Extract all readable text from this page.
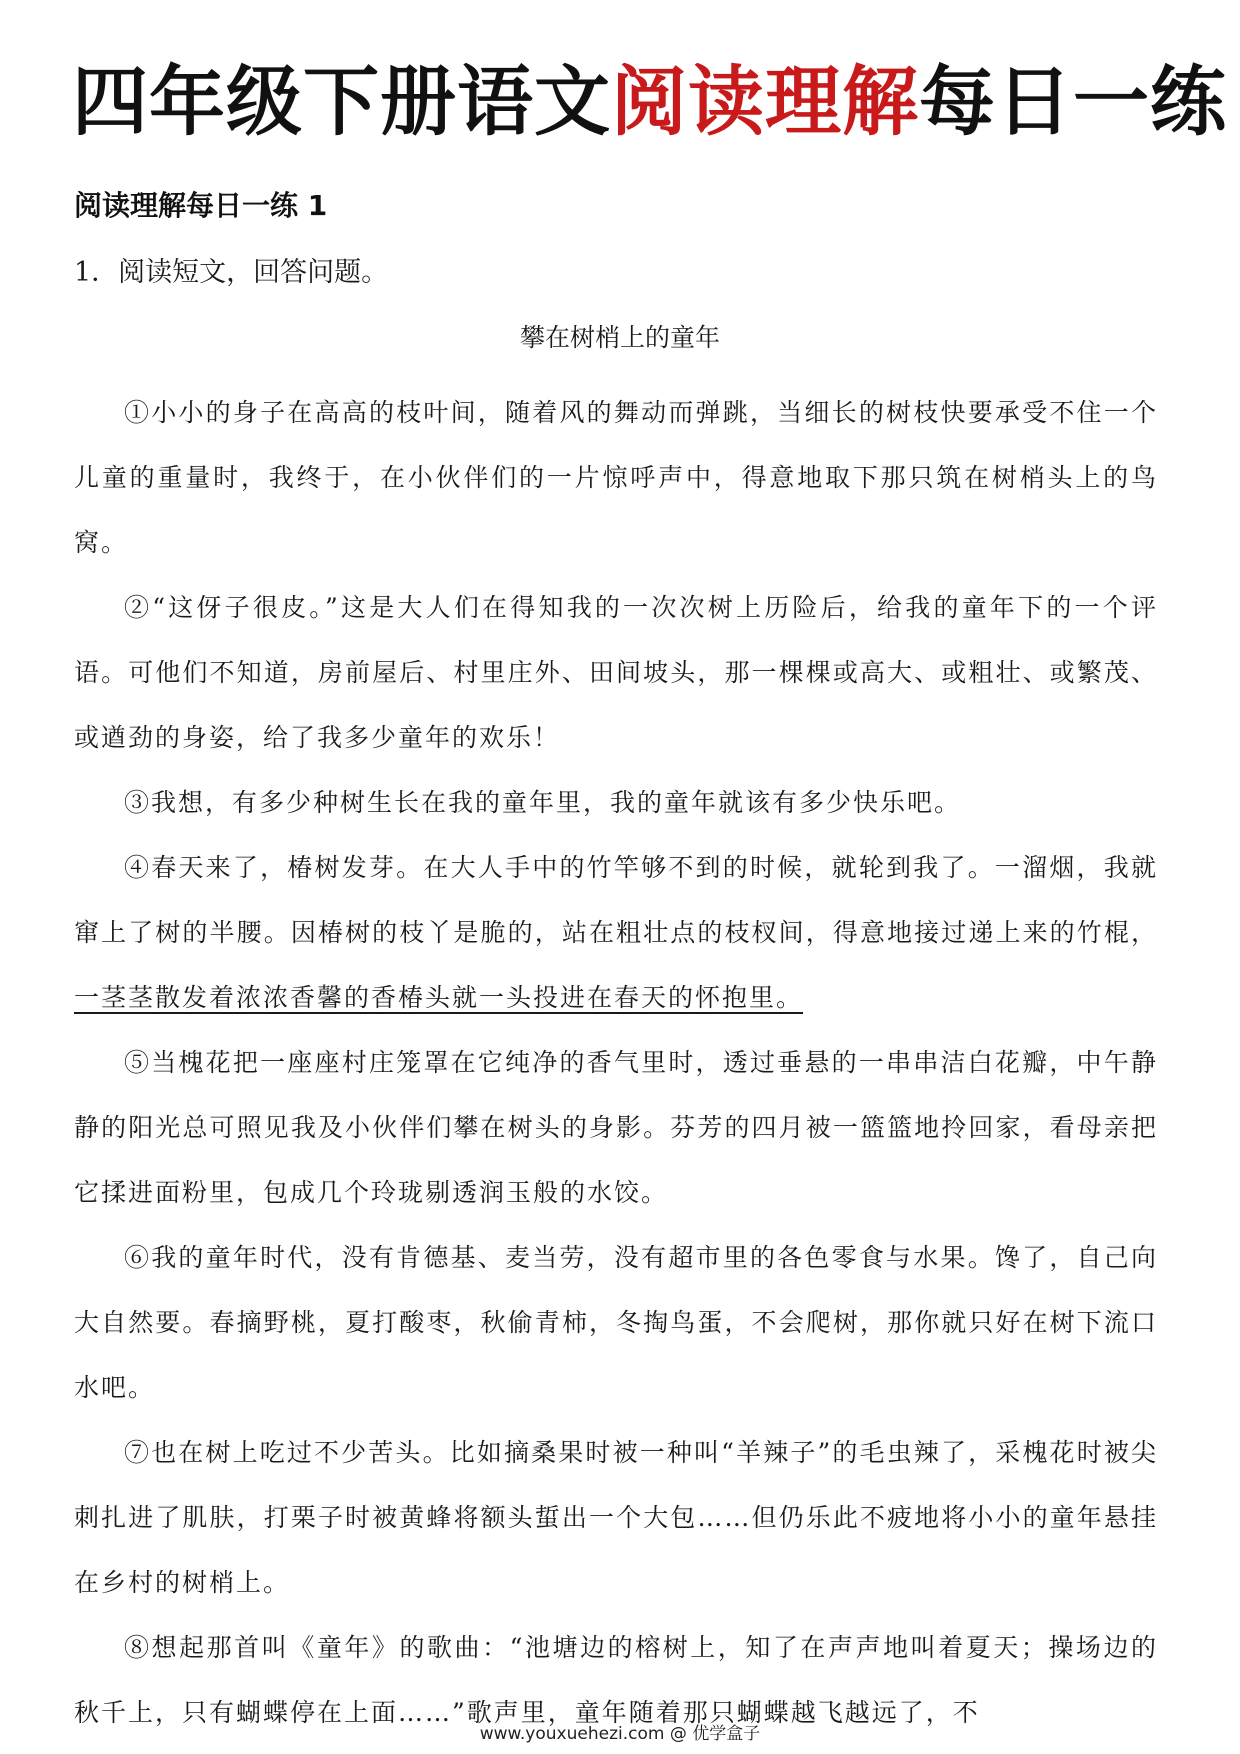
四年级下册语文阅读理解每日一练
阅读理解每日一练 1

1．阅读短文，回答问题。

攀在树梢上的童年

①小小的身子在高高的枝叶间，随着风的舞动而弹跳，当细长的树枝快要承受不住一个儿童的重量时，我终于，在小伙伴们的一片惊呼声中，得意地取下那只筑在树梢头上的鸟窝。

②“这伢子很皮。”这是大人们在得知我的一次次树上历险后，给我的童年下的一个评语。可他们不知道，房前屋后、村里庄外、田间坡头，那一棵棵或高大、或粗壮、或繁茂、或遒劲的身姿，给了我多少童年的欢乐！

③我想，有多少种树生长在我的童年里，我的童年就该有多少快乐吧。

④春天来了，椿树发芽。在大人手中的竹竿够不到的时候，就轮到我了。一溜烟，我就窜上了树的半腰。因椿树的枝丫是脆的，站在粗壮点的枝杈间，得意地接过递上来的竹棍，一茎茎散发着浓浓香馨的香椿头就一头投进在春天的怀抱里。

⑤当槐花把一座座村庄笼罩在它纯净的香气里时，透过垂悬的一串串洁白花瓣，中午静静的阳光总可照见我及小伙伴们攀在树头的身影。芬芳的四月被一篮篮地拎回家，看母亲把它揉进面粉里，包成几个玲珑剔透润玉般的水饺。

⑥我的童年时代，没有肯德基、麦当劳，没有超市里的各色零食与水果。馋了，自己向大自然要。春摘野桃，夏打酸枣，秋偷青柿，冬掏鸟蛋，不会爬树，那你就只好在树下流口水吧。

⑦也在树上吃过不少苦头。比如摘桑果时被一种叫“羊辣子”的毛虫辣了，采槐花时被尖刺扎进了肌肤，打栗子时被黄蜂将额头蜇出一个大包……但仍乐此不疲地将小小的童年悬挂在乡村的树梢上。

⑧想起那首叫《童年》的歌曲：“池塘边的榕树上，知了在声声地叫着夏天；操场边的秋千上，只有蝴蝶停在上面……”歌声里，童年随着那只蝴蝶越飞越远了，不

www.youxuehezi.com @ 优学盒子
